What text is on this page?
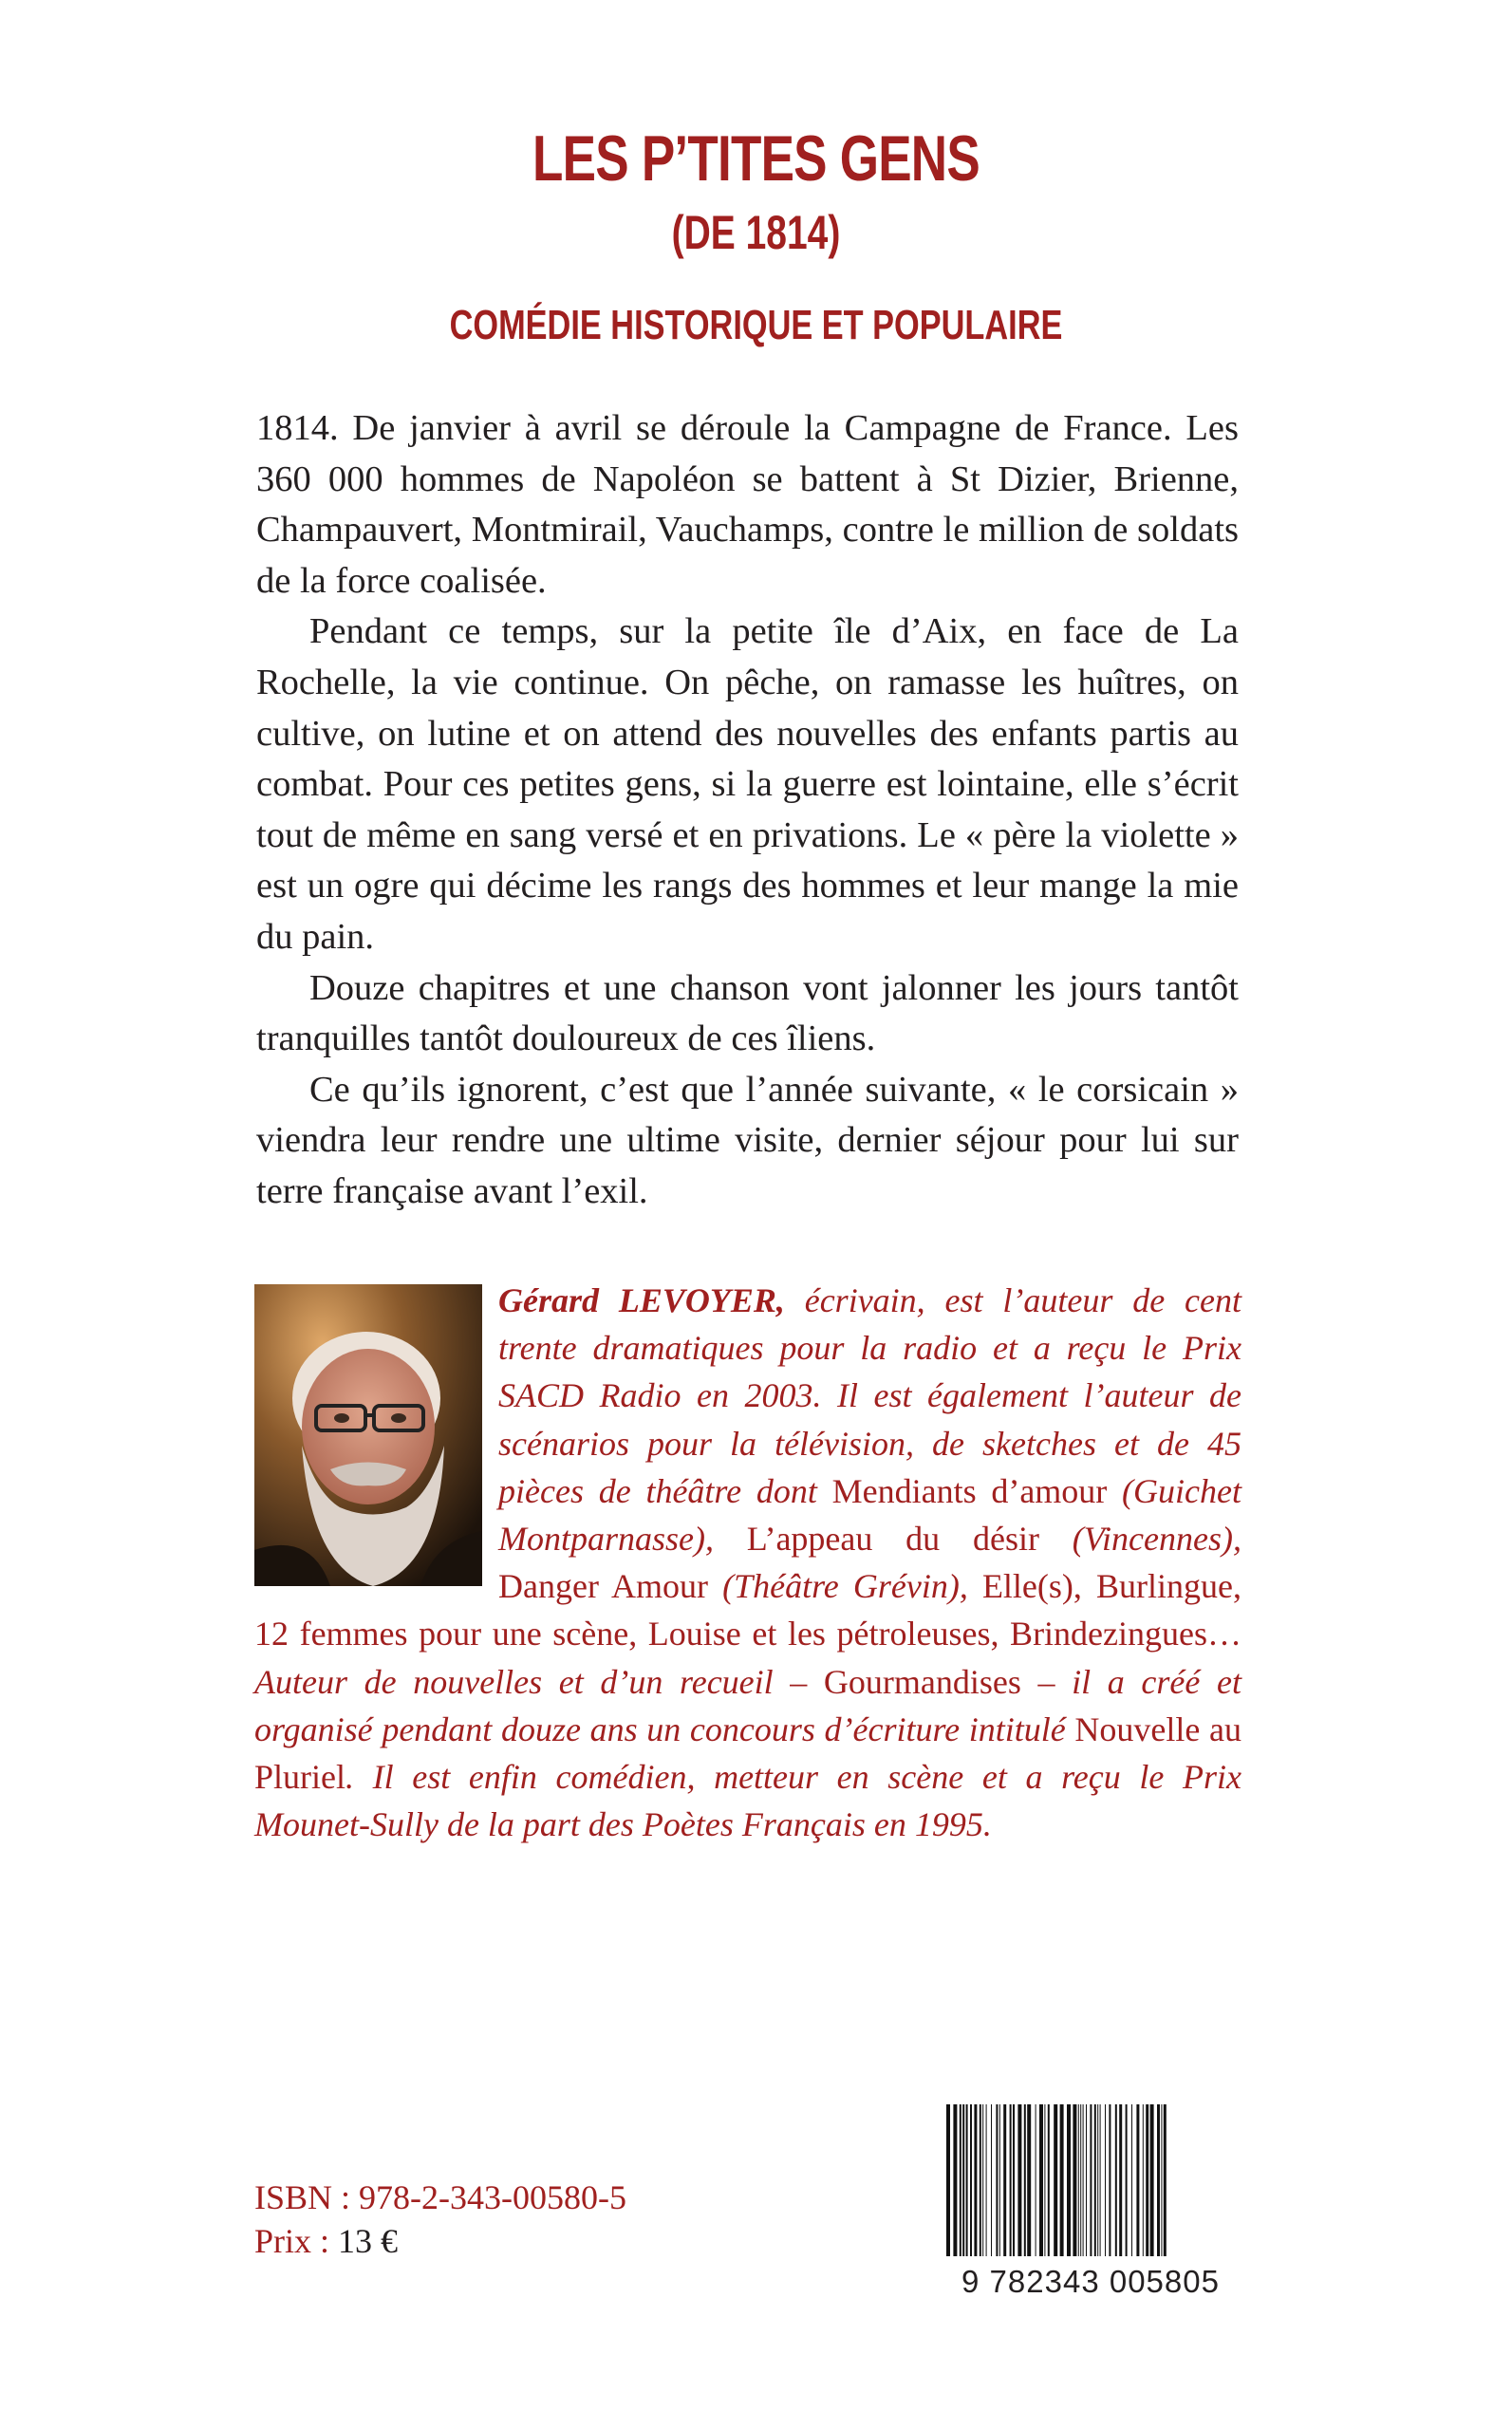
LES P’TITES GENS
(DE 1814)
COMÉDIE HISTORIQUE ET POPULAIRE

1814. De janvier à avril se déroule la Campagne de France. Les 360 000 hommes de Napoléon se battent à St Dizier, Brienne, Champauvert, Montmirail, Vauchamps, contre le million de soldats de la force coalisée.

Pendant ce temps, sur la petite île d’Aix, en face de La Rochelle, la vie continue. On pêche, on ramasse les huîtres, on cultive, on lutine et on attend des nouvelles des enfants partis au combat. Pour ces petites gens, si la guerre est lointaine, elle s’écrit tout de même en sang versé et en privations. Le « père la violette » est un ogre qui décime les rangs des hommes et leur mange la mie du pain.

Douze chapitres et une chanson vont jalonner les jours tantôt tranquilles tantôt douloureux de ces îliens.

Ce qu’ils ignorent, c’est que l’année suivante, « le corsicain » viendra leur rendre une ultime visite, dernier séjour pour lui sur terre française avant l’exil.

Gérard LEVOYER, écrivain, est l’auteur de cent trente dramatiques pour la radio et a reçu le Prix SACD Radio en 2003. Il est également l’auteur de scénarios pour la télévision, de sketches et de 45 pièces de théâtre dont Mendiants d’amour (Guichet Montparnasse), L’appeau du désir (Vincennes), Danger Amour (Théâtre Grévin), Elle(s), Burlingue, 12 femmes pour une scène, Louise et les pétroleuses, Brindezingues… Auteur de nouvelles et d’un recueil – Gourmandises – il a créé et organisé pendant douze ans un concours d’écriture intitulé Nouvelle au Pluriel. Il est enfin comédien, metteur en scène et a reçu le Prix Mounet-Sully de la part des Poètes Français en 1995.
ISBN : 978-2-343-00580-5
Prix : 13 €
9 782343 005805
